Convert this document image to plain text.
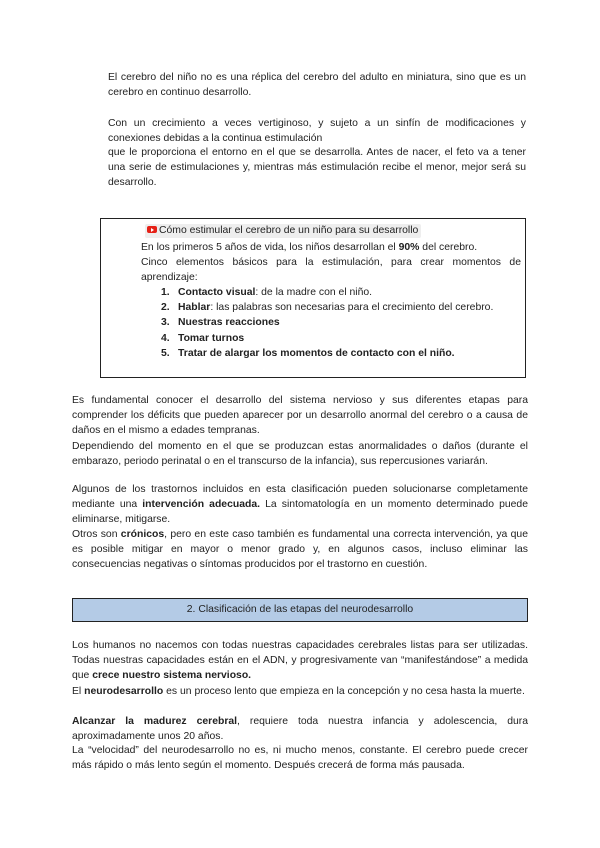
El cerebro del niño no es una réplica del cerebro del adulto en miniatura, sino que es un cerebro en continuo desarrollo.

Con un crecimiento a veces vertiginoso, y sujeto a un sinfín de modificaciones y conexiones debidas a la continua estimulación

que le proporciona el entorno en el que se desarrolla. Antes de nacer, el feto va a tener una serie de estimulaciones y, mientras más estimulación recibe el menor, mejor será su desarrollo.

Cómo estimular el cerebro de un niño para su desarrollo

En los primeros 5 años de vida, los niños desarrollan el 90% del cerebro.

Cinco elementos básicos para la estimulación, para crear momentos de aprendizaje:

1. Contacto visual: de la madre con el niño.
2. Hablar: las palabras son necesarias para el crecimiento del cerebro.
3. Nuestras reacciones
4. Tomar turnos
5. Tratar de alargar los momentos de contacto con el niño.

Es fundamental conocer el desarrollo del sistema nervioso y sus diferentes etapas para comprender los déficits que pueden aparecer por un desarrollo anormal del cerebro o a causa de daños en el mismo a edades tempranas.

Dependiendo del momento en el que se produzcan estas anormalidades o daños (durante el embarazo, periodo perinatal o en el transcurso de la infancia), sus repercusiones variarán.

Algunos de los trastornos incluidos en esta clasificación pueden solucionarse completamente mediante una intervención adecuada. La sintomatología en un momento determinado puede eliminarse, mitigarse.

Otros son crónicos, pero en este caso también es fundamental una correcta intervención, ya que es posible mitigar en mayor o menor grado y, en algunos casos, incluso eliminar las consecuencias negativas o síntomas producidos por el trastorno en cuestión.

2. Clasificación de las etapas del neurodesarrollo

Los humanos no nacemos con todas nuestras capacidades cerebrales listas para ser utilizadas. Todas nuestras capacidades están en el ADN, y progresivamente van “manifestándose” a medida que crece nuestro sistema nervioso.

El neurodesarrollo es un proceso lento que empieza en la concepción y no cesa hasta la muerte.

Alcanzar la madurez cerebral, requiere toda nuestra infancia y adolescencia, dura aproximadamente unos 20 años.

La “velocidad” del neurodesarrollo no es, ni mucho menos, constante. El cerebro puede crecer más rápido o más lento según el momento. Después crecerá de forma más pausada.
